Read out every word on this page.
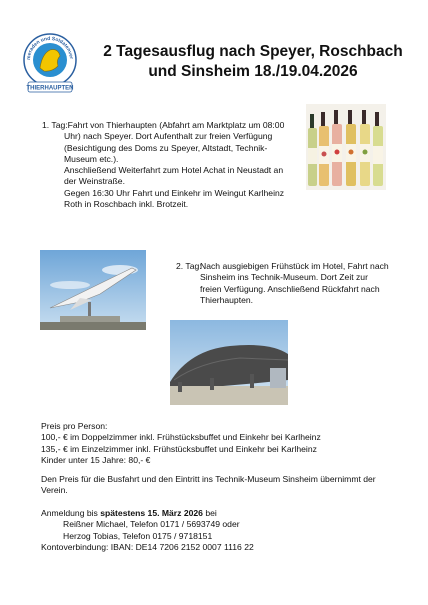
meraden und Soldatenver
THIERHAUPTEN
2 Tagesausflug nach Speyer, Roschbach
und Sinsheim 18./19.04.2026
1. Tag: Fahrt von Thierhaupten (Abfahrt am Marktplatz um 08:00
Uhr) nach Speyer. Dort Aufenthalt zur freien Verfügung
(Besichtigung des Doms zu Speyer, Altstadt, Technik-
Museum etc.).
Anschließend Weiterfahrt zum Hotel Achat in Neustadt an
der Weinstraße.
Gegen 16:30 Uhr Fahrt und Einkehr im Weingut Karlheinz
Roth in Roschbach inkl. Brotzeit.
2. Tag:
Nach ausgiebigen Frühstück im Hotel, Fahrt nach
Sinsheim ins Technik-Museum. Dort Zeit zur
freien Verfügung. Anschließend Rückfahrt nach
Thierhaupten.
Preis pro Person:
100,- € im Doppelzimmer inkl. Frühstücksbuffet und Einkehr bei Karlheinz
135,- € im Einzelzimmer inkl. Frühstücksbuffet und Einkehr bei Karlheinz
Kinder unter 15 Jahre: 80,- €
Den Preis für die Busfahrt und den Eintritt ins Technik-Museum Sinsheim übernimmt der
Verein.
Anmeldung bis spätestens 15. März 2026 bei
Reißner Michael, Telefon 0171 / 5693749 oder
Herzog Tobias, Telefon 0175 / 9718151
Kontoverbindung: IBAN: DE14 7206 2152 0007 1116 22
